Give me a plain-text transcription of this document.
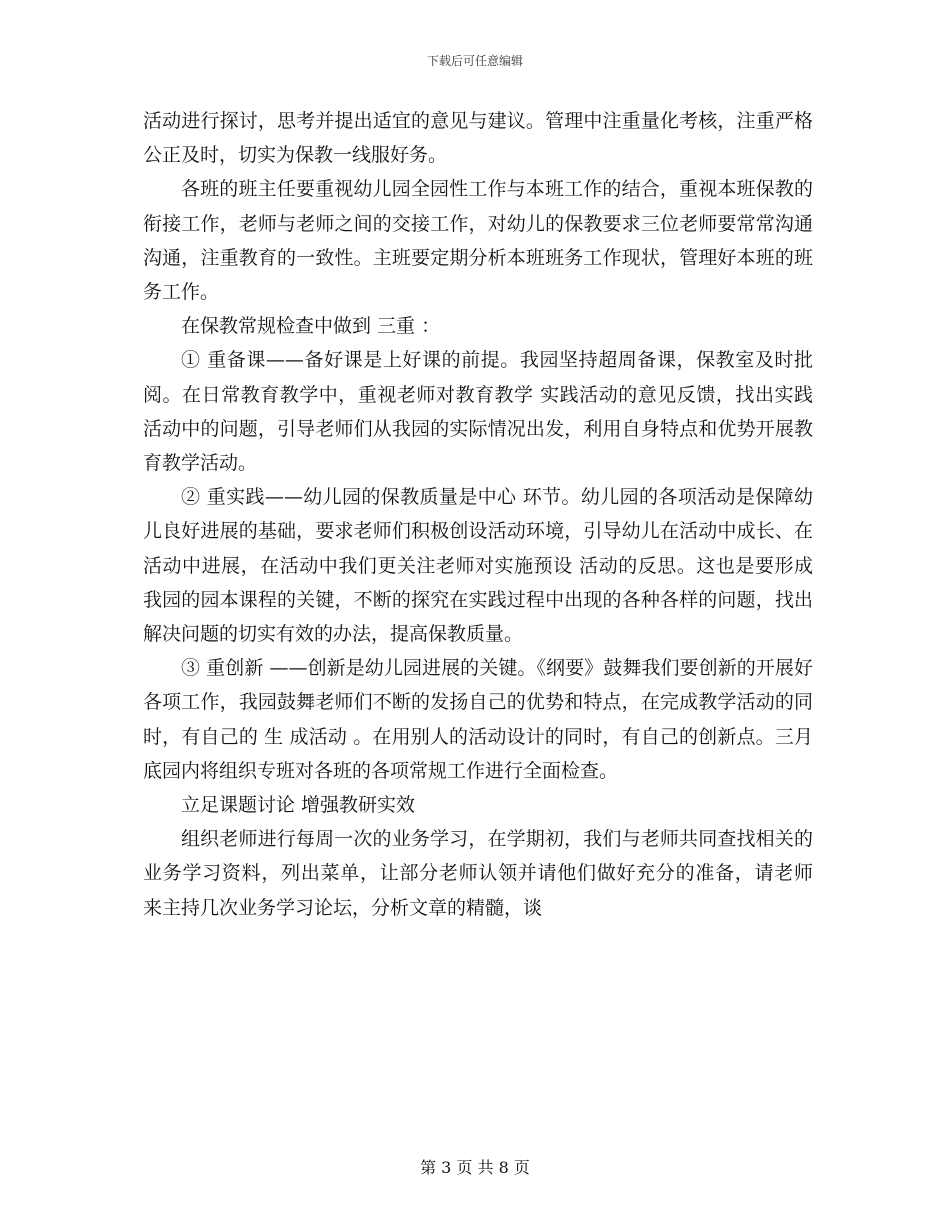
下载后可任意编辑

活动进行探讨，思考并提出适宜的意见与建议。管理中注重量化考核，注重严格公正及时，切实为保教一线服好务。

各班的班主任要重视幼儿园全园性工作与本班工作的结合，重视本班保教的衔接工作，老师与老师之间的交接工作，对幼儿的保教要求三位老师要常常沟通沟通，注重教育的一致性。主班要定期分析本班班务工作现状，管理好本班的班务工作。

在保教常规检查中做到 三重 ：

① 重备课——备好课是上好课的前提。我园坚持超周备课，保教室及时批阅。在日常教育教学中，重视老师对教育教学 实践活动的意见反馈，找出实践活动中的问题，引导老师们从我园的实际情况出发，利用自身特点和优势开展教育教学活动。

② 重实践——幼儿园的保教质量是中心 环节。幼儿园的各项活动是保障幼儿良好进展的基础，要求老师们积极创设活动环境，引导幼儿在活动中成长、在活动中进展，在活动中我们更关注老师对实施预设 活动的反思。这也是要形成我园的园本课程的关键，不断的探究在实践过程中出现的各种各样的问题，找出解决问题的切实有效的办法，提高保教质量。

③ 重创新 ——创新是幼儿园进展的关键。《纲要》鼓舞我们要创新的开展好各项工作，我园鼓舞老师们不断的发扬自己的优势和特点，在完成教学活动的同时，有自己的 生 成活动 。在用别人的活动设计的同时，有自己的创新点。三月底园内将组织专班对各班的各项常规工作进行全面检查。

立足课题讨论 增强教研实效

组织老师进行每周一次的业务学习，在学期初，我们与老师共同查找相关的业务学习资料，列出菜单，让部分老师认领并请他们做好充分的准备，请老师 来主持几次业务学习论坛，分析文章的精髓，谈

第 3 页 共 8 页
